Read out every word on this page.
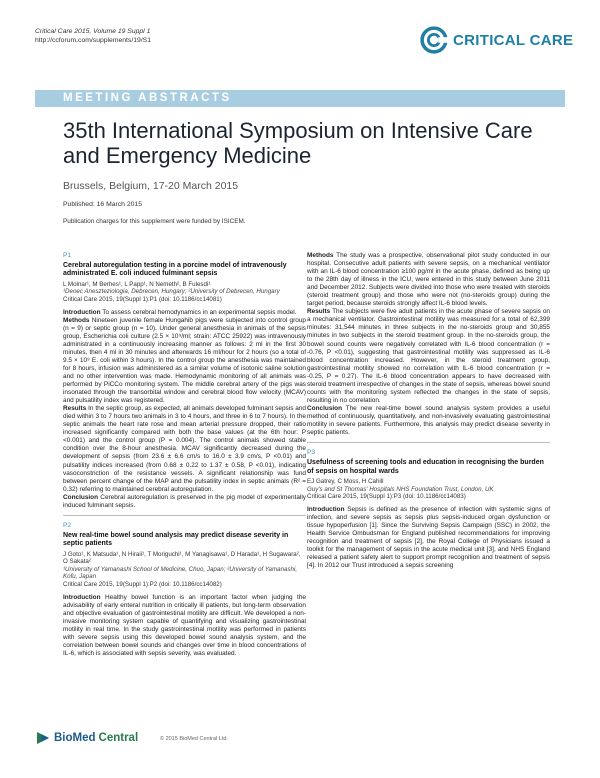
Critical Care 2015, Volume 19 Suppl 1
http://ccforum.com/supplements/19/S1	CRITICAL CARE
MEETING ABSTRACTS
35th International Symposium on Intensive Care and Emergency Medicine
Brussels, Belgium, 17-20 March 2015
Published: 16 March 2015
Publication charges for this supplement were funded by ISICEM.
P1
Cerebral autoregulation testing in a porcine model of intravenously administrated E. coli induced fulminant sepsis
L Molnar¹, M Berhes¹, L Papp¹, N Nemeth², B Fulesdi¹
¹Deoec Aneszteziologia, Debrecen, Hungary; ²University of Debrecen, Hungary
Critical Care 2015, 19(Suppl 1):P1 (doi: 10.1186/cc14081)

Introduction To assess cerebral hemodynamics in an experimental sepsis model.

Methods Nineteen juvenile female Hungahib pigs were subjected into control group (n = 9) or septic group (n = 10). Under general anesthesia in animals of the sepsis group, Escherichia coli culture (2.5 × 10⁹/ml; strain: ATCC 25922) was intravenously administrated in a continuously increasing manner as follows: 2 ml in the first 30 minutes, then 4 ml in 30 minutes and afterwards 16 ml/hour for 2 hours (so a total of 9.5 × 10⁹ E. coli within 3 hours). In the control group the anesthesia was maintained for 8 hours, infusion was administered as a similar volume of isotonic saline solution and no other intervention was made. Hemodynamic monitoring of all animals was performed by PiCCo monitoring system. The middle cerebral artery of the pigs was insonated through the transorbital window and cerebral blood flow velocity (MCAV) and pulsatility index was registered.

Results In the septic group, as expected, all animals developed fulminant sepsis and died within 3 to 7 hours two animals in 3 to 4 hours, and three in 6 to 7 hours). In the septic animals the heart rate rose and mean arterial pressure dropped, their ratio increased significantly compared with both the base values (at the 6th hour: P <0.001) and the control group (P = 0.004). The control animals showed stable condition over the 8-hour anesthesia. MCAV significantly decreased during the development of sepsis (from 23.6 ± 6.6 cm/s to 16.0 ± 3.9 cm/s, P <0.01) and pulsatility indices increased (from 0.68 ± 0.22 to 1.37 ± 0.58, P <0.01), indicating vasoconstriction of the resistance vessels. A significant relationship was fund between percent change of the MAP and the pulsatility index in septic animals (R² = 0.32) referring to maintained cerebral autoregulation.

Conclusion Cerebral autoregulation is preserved in the pig model of experimentally induced fulminant sepsis.

P2
New real-time bowel sound analysis may predict disease severity in septic patients
J Goto¹, K Matsuda¹, N Hiraii¹, T Moriguchi¹, M Yanagisawa¹, D Harada¹, H Sugawara², O Sakata²
¹University of Yamanashi School of Medicine, Chuo, Japan; ²University of Yamanashi, Kofu, Japan
Critical Care 2015, 19(Suppl 1):P2 (doi: 10.1186/cc14082)

Introduction Healthy bowel function is an important factor when judging the advisability of early enteral nutrition in critically ill patients, but long-term observation and objective evaluation of gastrointestinal motility are difficult. We developed a non-invasive monitoring system capable of quantifying and visualizing gastrointestinal motility in real time. In the study gastrointestinal motility was performed in patients with severe sepsis using this developed bowel sound analysis system, and the correlation between bowel sounds and changes over time in blood concentrations of IL-6, which is associated with sepsis severity, was evaluated.

Methods The study was a prospective, observational pilot study conducted in our hospital. Consecutive adult patients with severe sepsis, on a mechanical ventilator with an IL-6 blood concentration ≥100 pg/ml in the acute phase, defined as being up to the 28th day of illness in the ICU, were entered in this study between June 2011 and December 2012. Subjects were divided into those who were treated with steroids (steroid treatment group) and those who were not (no-steroids group) during the target period, because steroids strongly affect IL-6 blood levels.

Results The subjects were five adult patients in the acute phase of severe sepsis on a mechanical ventilator. Gastrointestinal motility was measured for a total of 62,399 minutes: 31,544 minutes in three subjects in the no-steroids group and 30,855 minutes in two subjects in the steroid treatment group. In the no-steroids group, the bowel sound counts were negatively correlated with IL-6 blood concentration (r = -0.76, P <0.01), suggesting that gastrointestinal motility was suppressed as IL-6 blood concentration increased. However, in the steroid treatment group, gastrointestinal motility showed no correlation with IL-6 blood concentration (r = -0.25, P = 0.27). The IL-6 blood concentration appears to have decreased with steroid treatment irrespective of changes in the state of sepsis, whereas bowel sound counts with the monitoring system reflected the changes in the state of sepsis, resulting in no correlation.

Conclusion The new real-time bowel sound analysis system provides a useful method of continuously, quantitatively, and non-invasively evaluating gastrointestinal motility in severe patients. Furthermore, this analysis may predict disease severity in septic patients.

P3
Usefulness of screening tools and education in recognising the burden of sepsis on hospital wards
EJ Gatrey, C Moss, H Cahill
Guy's and St Thomas' Hospitals NHS Foundation Trust, London, UK
Critical Care 2015, 19(Suppl 1):P3 (doi: 10.1186/cc14083)

Introduction Sepsis is defined as the presence of infection with systemic signs of infection, and severe sepsis as sepsis plus sepsis-induced organ dysfunction or tissue hypoperfusion [1]. Since the Surviving Sepsis Campaign (SSC) in 2002, the Health Service Ombudsman for England published recommendations for improving recognition and treatment of sepsis [2], the Royal College of Physicians issued a toolkit for the management of sepsis in the acute medical unit [3], and NHS England released a patient safety alert to support prompt recognition and treatment of sepsis [4]. In 2012 our Trust introduced a sepsis screening

BioMed Central	© 2015 BioMed Central Ltd.
